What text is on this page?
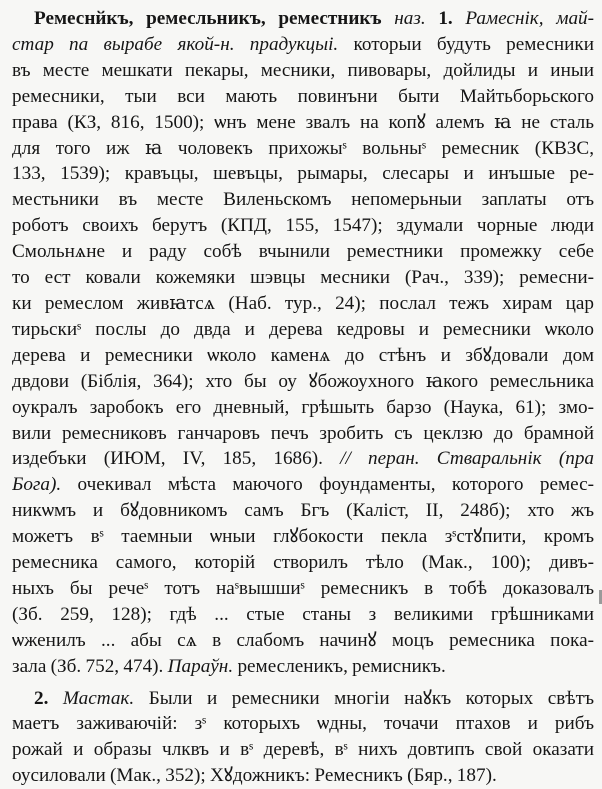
Ремеснйкъ, ремесльникъ, реместникъ наз. 1. Рамеснік, май-
стар па вырабе якой-н. прадукцыі. которыи будуть ремесники
въ месте мешкати пекары, месники, пивовары, дойлиды и иныи
ремесники, тыи вси мають повинъни быти Майтьборьского
права (КЗ, 816, 1500); ѡнъ мене звалъ на копꙋ алемъ ꙗ не сталь
для того иж ꙗ чоловекъ прихожыˢ вольныˢ ремесник (КВЗС,
133, 1539); кравъцы, шевъцы, рымары, слесары и инъшые ре-
местьники въ месте Виленьскомъ непомерьныи заплаты отъ
роботъ своихъ берутъ (КПД, 155, 1547); здумали чорные люди
Смольнѧне и раду собѣ вчынили реместники промежку себе
то ест ковали кожемяки шэвцы месники (Рач., 339); ремесни-
ки ремеслом живꙗтсѧ (Наб. тур., 24); послал тежъ хирам цар
тирьскиˢ послы до двда и дерева кедровы и ремесники ѡколо
дерева и ремесники ѡколо каменѧ до стѣнъ и збꙋдовали дом
двдови (Біблія, 364); хто бы оу ꙋбожоухного ꙗкого ремесльника
оукралъ заробокъ его дневный, грѣшыть барзо (Наука, 61); змо-
вили ремесниковъ ганчаровъ печъ зробить съ цеклзю до брамной
издебъки (ИЮМ, IV, 185, 1686). // перан. Стваральнік (пра
Бога). очекивал мѣста маючого фоундаменты, которого ремес-
никѡмъ и бꙋдовникомъ самъ Бгъ (Каліст, II, 248б); хто жъ
можетъ вˢ таемныи ѡныи глꙋбокости пекла зˢстꙋпити, кромъ
ремесника самого, которій створилъ тѣло (Мак., 100); дивъ-
ныхъ бы речеˢ тотъ наˢвышшиˢ ремесникъ в тобѣ доказовалъ
(Зб. 259, 128); гдѣ ... стые станы з великими грѣшниками
ѡженилъ ... абы сѧ в слабомъ начинꙋ моцъ ремесника пока-
зала (Зб. 752, 474). Параўн. ремесленикъ, ремисникъ.
2. Мастак. Были и ремесники многіи наꙋкъ которых свѣтъ
маетъ заживаючій: зˢ которыхъ ѡдны, точачи птахов и рибъ
рожай и образы члквъ и вˢ деревѣ, вˢ нихъ довтипъ свой оказати
оусиловали (Мак., 352); Хꙋдожникъ: Ремесникъ (Бяр., 187).
